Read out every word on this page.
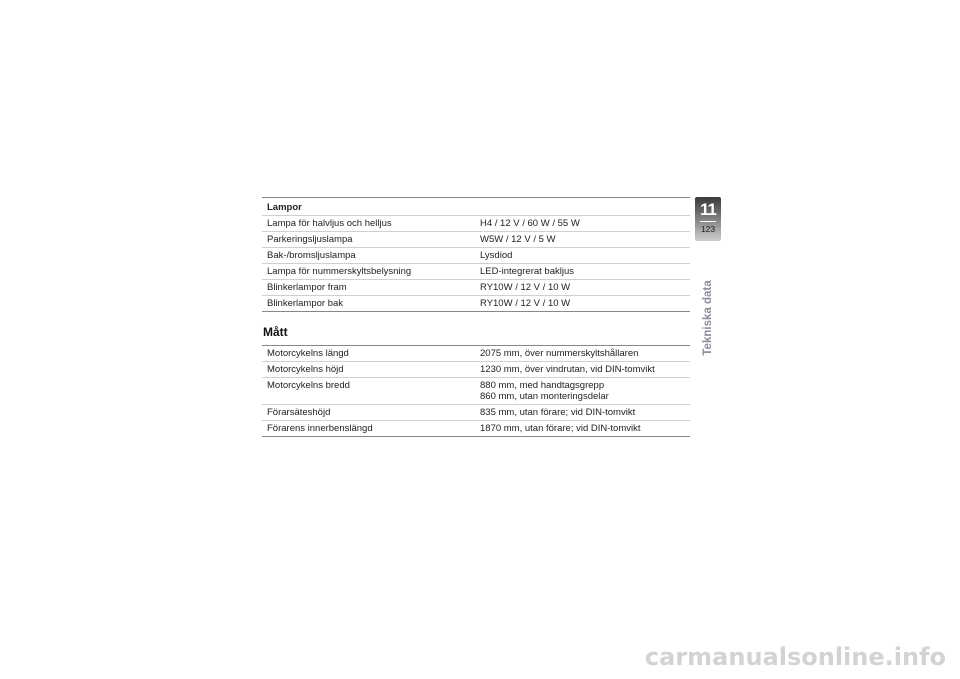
Lampor	
Lampa för halvljus och helljus	H4 / 12 V / 60 W / 55 W
Parkeringsljuslampa	W5W / 12 V / 5 W
Bak-/bromsljuslampa	Lysdiod
Lampa för nummerskyltsbelysning	LED-integrerat bakljus
Blinkerlampor fram	RY10W / 12 V / 10 W
Blinkerlampor bak	RY10W / 12 V / 10 W
Mått
Motorcykelns längd	2075 mm, över nummerskyltshållaren
Motorcykelns höjd	1230 mm, över vindrutan, vid DIN-tomvikt
Motorcykelns bredd	880 mm, med handtagsgrepp
860 mm, utan monteringsdelar

Förarsäteshöjd	835 mm, utan förare; vid DIN-tomvikt
Förarens innerbenslängd	1870 mm, utan förare; vid DIN-tomvikt
11
123
Tekniska data
carmanualsonline.info
